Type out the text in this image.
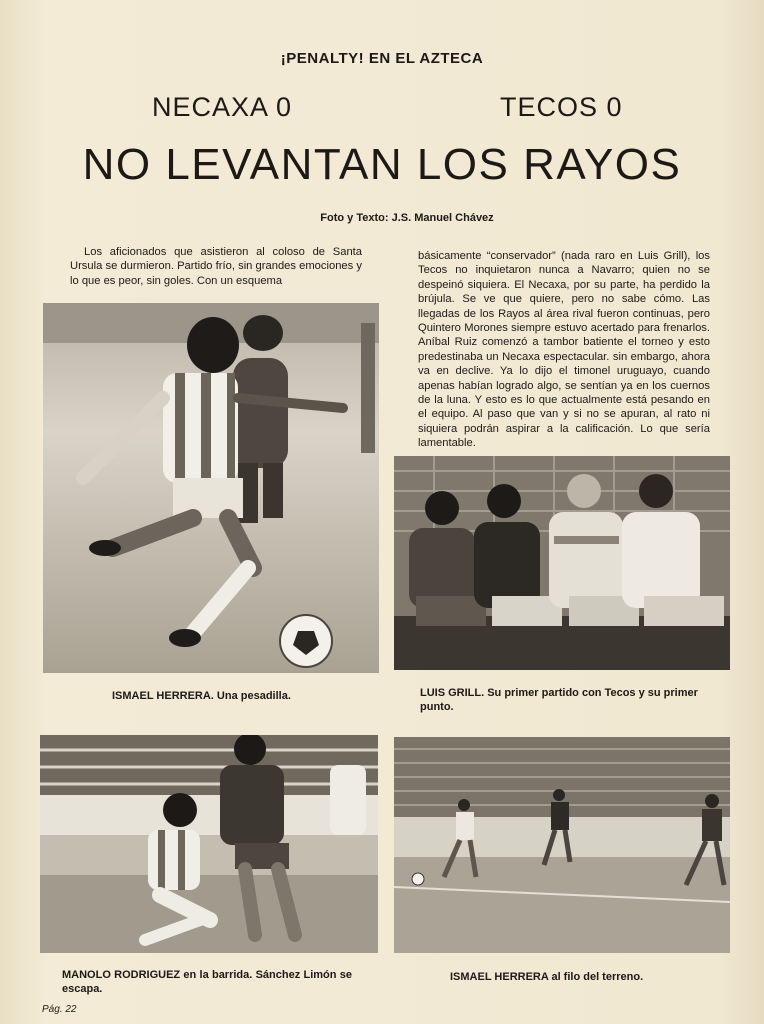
¡PENALTY! EN EL AZTECA
NECAXA 0	TECOS 0
NO LEVANTAN LOS RAYOS
Foto y Texto: J.S. Manuel Chávez
Los aficionados que asistieron al coloso de Santa Ursula se durmieron. Partido frío, sin grandes emociones y lo que es peor, sin goles. Con un esquema
básicamente “conservador” (nada raro en Luis Grill), los Tecos no inquietaron nunca a Navarro; quien no se despeinó siquiera. El Necaxa, por su parte, ha perdido la brújula. Se ve que quiere, pero no sabe cómo. Las llegadas de los Rayos al área rival fueron continuas, pero Quintero Morones siempre estuvo acertado para frenarlos. Aníbal Ruiz comenzó a tambor batiente el torneo y esto predestinaba un Necaxa espectacular. sin embargo, ahora va en declive. Ya lo dijo el timonel uruguayo, cuando apenas habían logrado algo, se sentían ya en los cuernos de la luna. Y esto es lo que actualmente está pesando en el equipo. Al paso que van y si no se apuran, al rato ni siquiera podrán aspirar a la calificación. Lo que sería lamentable.
ISMAEL HERRERA. Una pesadilla.	LUIS GRILL. Su primer partido con Tecos y su primer punto.
MANOLO RODRIGUEZ en la barrida. Sánchez Limón se escapa.
ISMAEL HERRERA al filo del terreno.
Pág. 22
